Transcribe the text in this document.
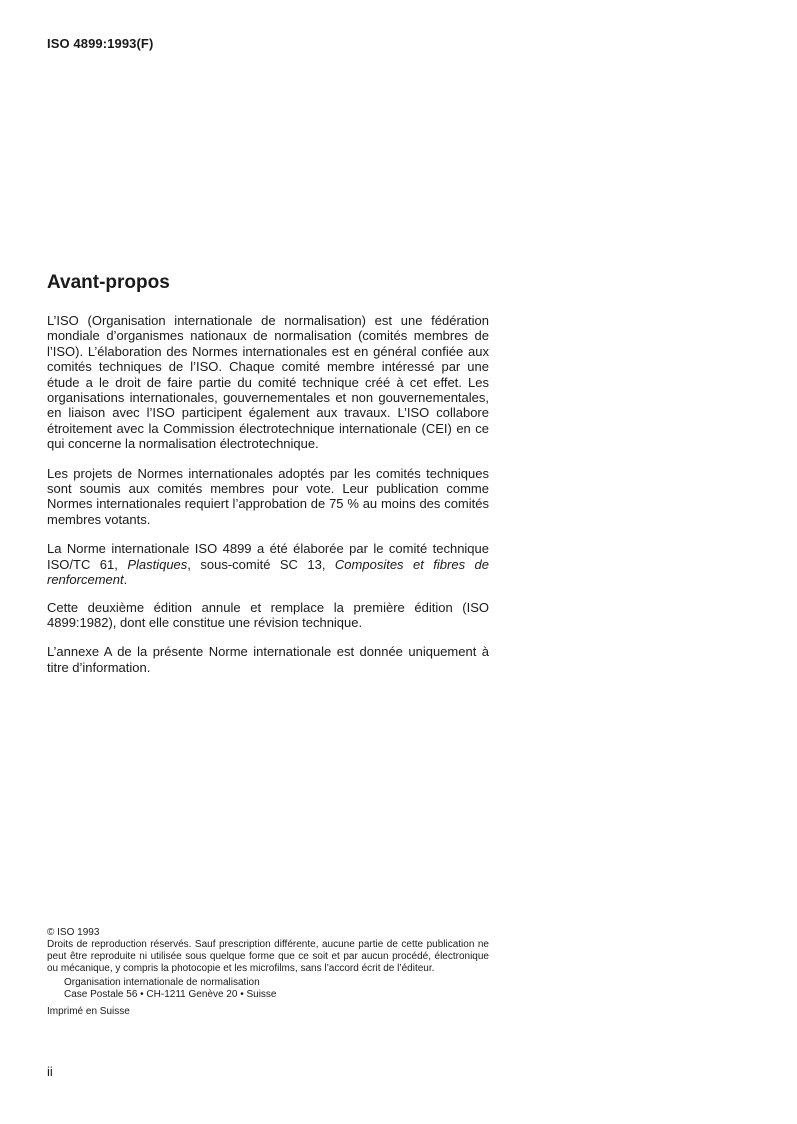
ISO 4899:1993(F)
Avant-propos

L’ISO (Organisation internationale de normalisation) est une fédération mondiale d’organismes nationaux de normalisation (comités membres de l’ISO). L’élaboration des Normes internationales est en général confiée aux comités techniques de l’ISO. Chaque comité membre intéressé par une étude a le droit de faire partie du comité technique créé à cet effet. Les organisations internationales, gouvernementales et non gouvernementales, en liaison avec l’ISO participent également aux travaux. L’ISO collabore étroitement avec la Commission électrotechnique internationale (CEI) en ce qui concerne la normalisation électrotechnique.

Les projets de Normes internationales adoptés par les comités techniques sont soumis aux comités membres pour vote. Leur publication comme Normes internationales requiert l’approbation de 75 % au moins des comités membres votants.

La Norme internationale ISO 4899 a été élaborée par le comité technique ISO/TC 61, Plastiques, sous-comité SC 13, Composites et fibres de renforcement.

Cette deuxième édition annule et remplace la première édition (ISO 4899:1982), dont elle constitue une révision technique.

L’annexe A de la présente Norme internationale est donnée uniquement à titre d’information.

© ISO 1993

Droits de reproduction réservés. Sauf prescription différente, aucune partie de cette publication ne peut être reproduite ni utilisée sous quelque forme que ce soit et par aucun procédé, électronique ou mécanique, y compris la photocopie et les microfilms, sans l’accord écrit de l’éditeur.

Organisation internationale de normalisation

Case Postale 56 • CH-1211 Genève 20 • Suisse

Imprimé en Suisse

ii
